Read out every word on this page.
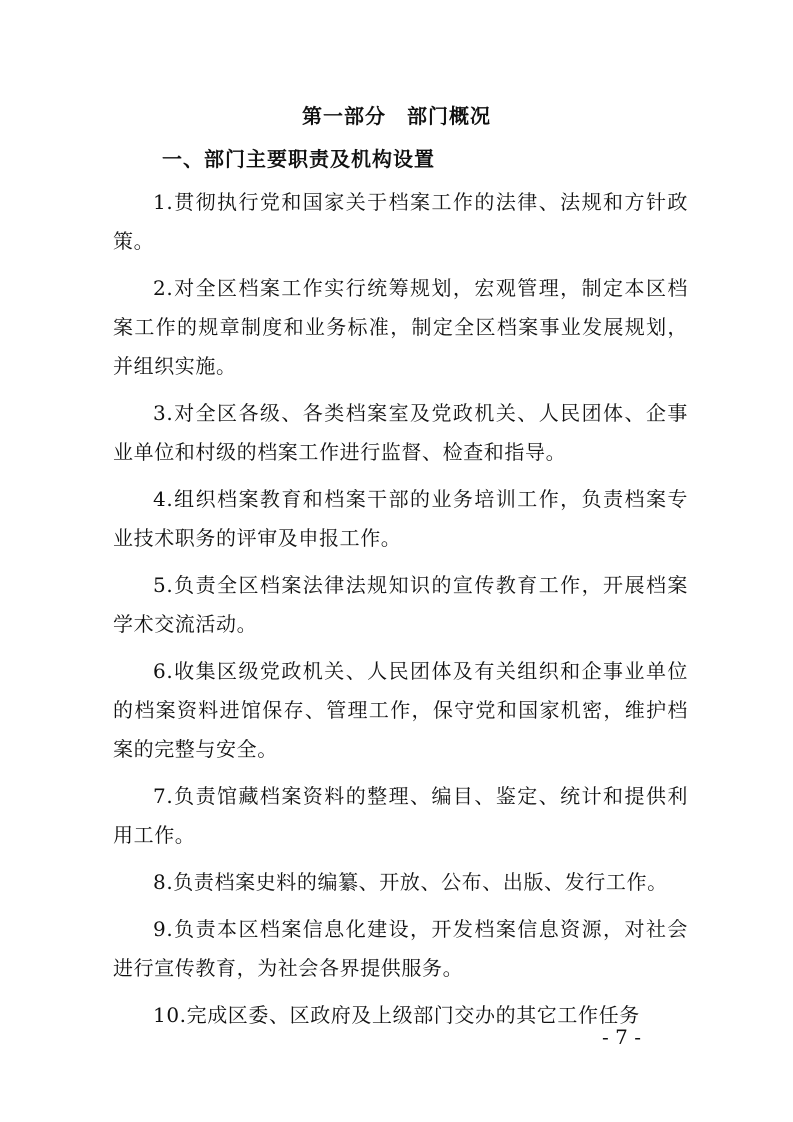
第一部分　部门概况
一、部门主要职责及机构设置

1.贯彻执行党和国家关于档案工作的法律、法规和方针政策。

2.对全区档案工作实行统筹规划，宏观管理，制定本区档案工作的规章制度和业务标准，制定全区档案事业发展规划，并组织实施。

3.对全区各级、各类档案室及党政机关、人民团体、企事业单位和村级的档案工作进行监督、检查和指导。

4.组织档案教育和档案干部的业务培训工作，负责档案专业技术职务的评审及申报工作。

5.负责全区档案法律法规知识的宣传教育工作，开展档案学术交流活动。

6.收集区级党政机关、人民团体及有关组织和企事业单位的档案资料进馆保存、管理工作，保守党和国家机密，维护档案的完整与安全。

7.负责馆藏档案资料的整理、编目、鉴定、统计和提供利用工作。

8.负责档案史料的编纂、开放、公布、出版、发行工作。

9.负责本区档案信息化建设，开发档案信息资源，对社会进行宣传教育，为社会各界提供服务。

10.完成区委、区政府及上级部门交办的其它工作任务

- 7 -
